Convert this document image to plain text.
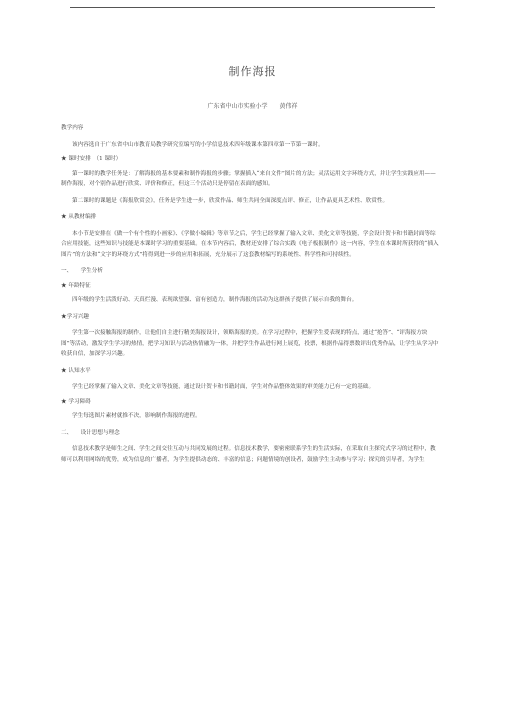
制作海报
广东省中山市实验小学 黄伟祥

教学内容

该内容选自于广东省中山市教育局教学研究室编写的小学信息技术四年级课本第四章第一节第一课时。

★ 课时安排　（1 课时）

第一课时的教学任务是：了解海报的基本要素和制作海报的步骤；掌握插入“来自文件”图片的方法；灵活运用文字环绕方式，并让学生实践应用——制作海报，对个别作品进行欣赏、评价和修正，但这三个活动只是停留在表面的感知。

第二课时的课题是《海报欣赏会》，任务是学生进一步，欣赏作品、师生共同全面深度点评、修正，让作品更具艺术性、欣赏性。

★ 从教材编排

本小节是安排在《做一个有个性的小画家》、《学做小编辑》等章节之后，学生已经掌握了输入文章、美化文章等技能，学会设计贺卡和书籍封面等综合应用技能，这些知识与技能是本课时学习的重要基础。在本节内容后，教材还安排了综合实践《电子板报制作》这一内容，学生在本课时所获得的“插入图片”的方法和“文字的环绕方式”将得到进一步的应用和拓展，充分展示了这套教材编写的系统性、科学性和可持续性。

一、　　学生分析

★ 年龄特征

四年级的学生活泼好动、天真烂漫、表现欲望强、富有创造力，制作海报的活动为这群孩子提供了展示自我的舞台。

★学习兴趣

学生第一次接触海报的制作，让他们自主进行精美海报设计，领略海报的美。在学习过程中，把握学生爱表现的特点，通过“抢答”、“评海报方块图”等活动，激发学生学习的热情，把学习知识与活动热情融为一体，并把学生作品进行网上展览，投票，根据作品得票数评出优秀作品，让学生从学习中收获自信，加深学习兴趣。

★ 认知水平

学生已经掌握了输入文章、美化文章等技能，通过设计贺卡和书籍封面，学生对作品整体效果的审美能力已有一定的基础。

★ 学习障碍

学生每选图片素材就推不决，影响制作海报的进程。

二、　　设计思想与理念

信息技术教学是师生之间、学生之间交往互动与共同发展的过程。信息技术教学，要密密联系学生的生活实际，在采取自主探究式学习的过程中，教师可以利用网络的优势，成为信息的广播者，为学生提供动态的、丰富的信息；问题情境的创设者，鼓励学生主动参与学习；探究的引导者，为学生
